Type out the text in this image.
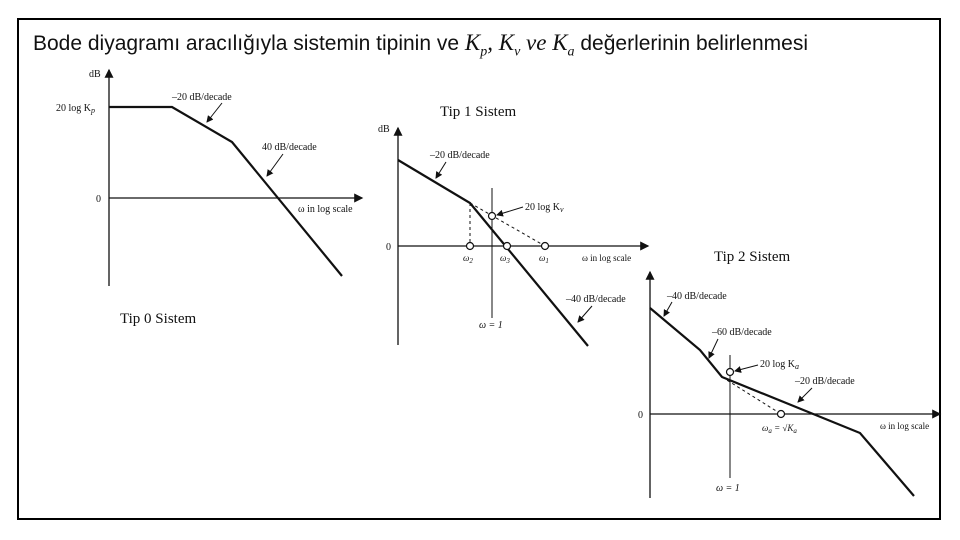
Bode diyagramı aracılığıyla sistemin tipinin ve $K_p$, $K_v$ ve $K_a$ değerlerinin belirlenmesi
Tip 0 Sistem
Tip 1 Sistem
Tip 2 Sistem
dB
0
20 $\log K_p$
–20 dB/decade
40 dB/decade
ω in log scale
dB
0
–20 dB/decade
20 $\log K_v$
$\omega_2$	$\omega_3$	$\omega_1$	ω in log scale
–40 dB/decade
ω = 1
0
–40 dB/decade
–60 dB/decade
20 $\log K_a$
–20 dB/decade
ω in log scale
$\omega_a = √K_a$
ω = 1
